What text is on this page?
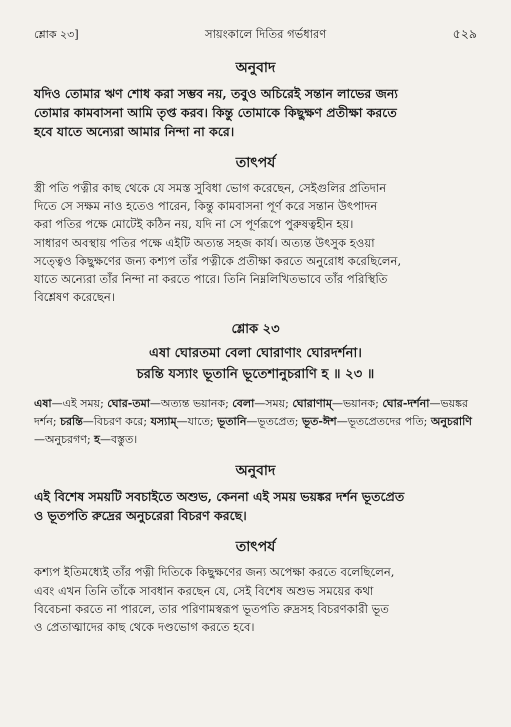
শ্লোক ২৩]	সায়ংকালে দিতির গর্ভধারণ	৫২৯
অনুবাদ

যদিও তোমার ঋণ শোধ করা সম্ভব নয়, তবুও অচিরেই সন্তান লাভের জন্য

তোমার কামবাসনা আমি তৃপ্ত করব। কিন্তু তোমাকে কিছুক্ষণ প্রতীক্ষা করতে

হবে যাতে অন্যেরা আমার নিন্দা না করে।

তাৎপর্য

স্ত্রী পতি পত্নীর কাছ থেকে যে সমস্ত সুবিধা ভোগ করেছেন, সেইগুলির প্রতিদান

দিতে সে সক্ষম নাও হতেও পারেন, কিন্তু কামবাসনা পূর্ণ করে সন্তান উৎপাদন

করা পতির পক্ষে মোটেই কঠিন নয়, যদি না সে পূর্ণরূপে পুরুষত্বহীন হয়।

সাধারণ অবস্থায় পতির পক্ষে এইটি অত্যন্ত সহজ কার্য। অত্যন্ত উৎসুক হওয়া

সত্ত্বেও কিছুক্ষণের জন্য কশ্যপ তাঁর পত্নীকে প্রতীক্ষা করতে অনুরোধ করেছিলেন,

যাতে অন্যেরা তাঁর নিন্দা না করতে পারে। তিনি নিম্নলিখিতভাবে তাঁর পরিস্থিতি

বিশ্লেষণ করেছেন।

শ্লোক ২৩

এষা ঘোরতমা বেলা ঘোরাণাং ঘোরদর্শনা।

চরন্তি যস্যাং ভূতানি ভূতেশানুচরাণি হ ॥ ২৩ ॥

এষা—এই সময়; ঘোর-তমা—অত্যন্ত ভয়ানক; বেলা—সময়; ঘোরাণাম্—ভয়ানক; ঘোর-দর্শনা—ভয়ঙ্কর দর্শন; চরন্তি—বিচরণ করে; যস্যাম্—যাতে; ভূতানি—ভূতপ্রেত; ভূত-ঈশ—ভূতপ্রেতদের পতি; অনুচরাণি—অনুচরগণ; হ—বস্তুত।

অনুবাদ

এই বিশেষ সময়টি সবচাইতে অশুভ, কেননা এই সময় ভয়ঙ্কর দর্শন ভূতপ্রেত

ও ভূতপতি রুদ্রের অনুচরেরা বিচরণ করছে।

তাৎপর্য

কশ্যপ ইতিমধ্যেই তাঁর পত্নী দিতিকে কিছুক্ষণের জন্য অপেক্ষা করতে বলেছিলেন,

এবং এখন তিনি তাঁকে সাবধান করছেন যে, সেই বিশেষ অশুভ সময়ের কথা

বিবেচনা করতে না পারলে, তার পরিণামস্বরূপ ভূতপতি রুদ্রসহ বিচরণকারী ভূত

ও প্রেতাত্মাদের কাছ থেকে দণ্ডভোগ করতে হবে।
